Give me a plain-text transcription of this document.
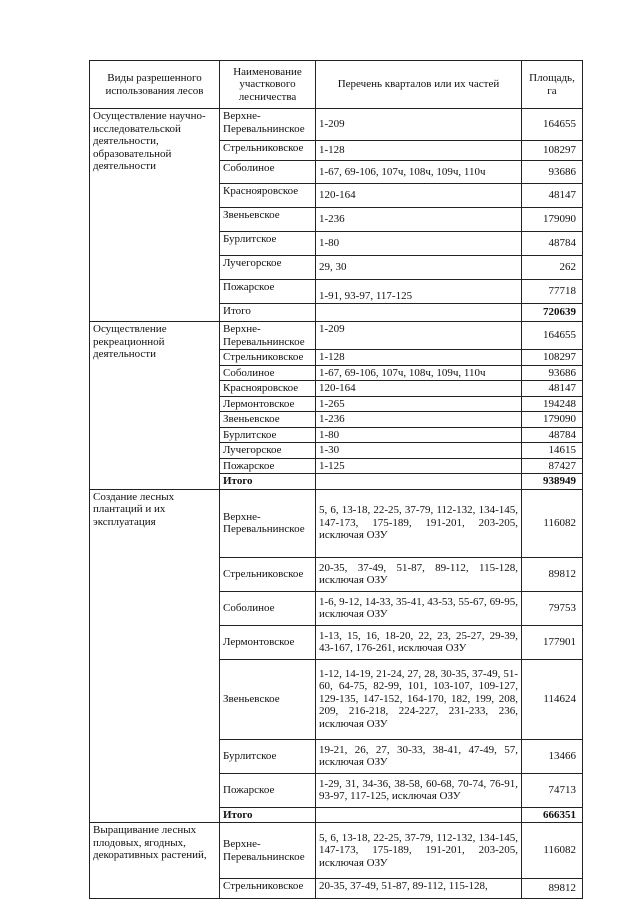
Виды разрешенного использования лесов	Наименование участкового лесничества	Перечень кварталов или их частей	Площадь, га
Осуществление научно-исследовательской деятельности, образовательной деятельности	Верхне-Перевальнинское	1-209	164655
	Стрельниковское	1-128	108297
	Соболиное	1-67, 69-106, 107ч, 108ч, 109ч, 110ч	93686
	Краснояровское	120-164	48147
	Звеньевское	1-236	179090
	Бурлитское	1-80	48784
	Лучегорское	29, 30	262
	Пожарское	1-91, 93-97, 117-125	77718
	Итого		720639
Осуществление рекреационной деятельности	Верхне-Перевальнинское	1-209	164655
	Стрельниковское	1-128	108297
	Соболиное	1-67, 69-106, 107ч, 108ч, 109ч, 110ч	93686
	Красноярoвское	120-164	48147
	Лермонтовское	1-265	194248
	Звеньевское	1-236	179090
	Бурлитское	1-80	48784
	Лучегорское	1-30	14615
	Пожарское	1-125	87427
	Итого		938949
Создание лесных плантаций и их эксплуатация	Верхне-Перевальнинское	5, 6, 13-18, 22-25, 37-79, 112-132, 134-145, 147-173, 175-189, 191-201, 203-205, исключая ОЗУ	116082
	Стрельниковское	20-35, 37-49, 51-87, 89-112, 115-128, исключая ОЗУ	89812
	Соболиное	1-6, 9-12, 14-33, 35-41, 43-53, 55-67, 69-95, исключая ОЗУ	79753
	Лермонтовское	1-13, 15, 16, 18-20, 22, 23, 25-27, 29-39, 43-167, 176-261, исключая ОЗУ	177901
	Звеньевское	1-12, 14-19, 21-24, 27, 28, 30-35, 37-49, 51-60, 64-75, 82-99, 101, 103-107, 109-127, 129-135, 147-152, 164-170, 182, 199, 208, 209, 216-218, 224-227, 231-233, 236, исключая ОЗУ	114624
	Бурлитское	19-21, 26, 27, 30-33, 38-41, 47-49, 57, исключая ОЗУ	13466
	Пожарское	1-29, 31, 34-36, 38-58, 60-68, 70-74, 76-91, 93-97, 117-125, исключая ОЗУ	74713
	Итого		666351
Выращивание лесных плодовых, ягодных, декоративных растений,	Верхне-Перевальнинское	5, 6, 13-18, 22-25, 37-79, 112-132, 134-145, 147-173, 175-189, 191-201, 203-205, исключая ОЗУ	116082
	Стрельниковское	20-35, 37-49, 51-87, 89-112, 115-128,	89812
